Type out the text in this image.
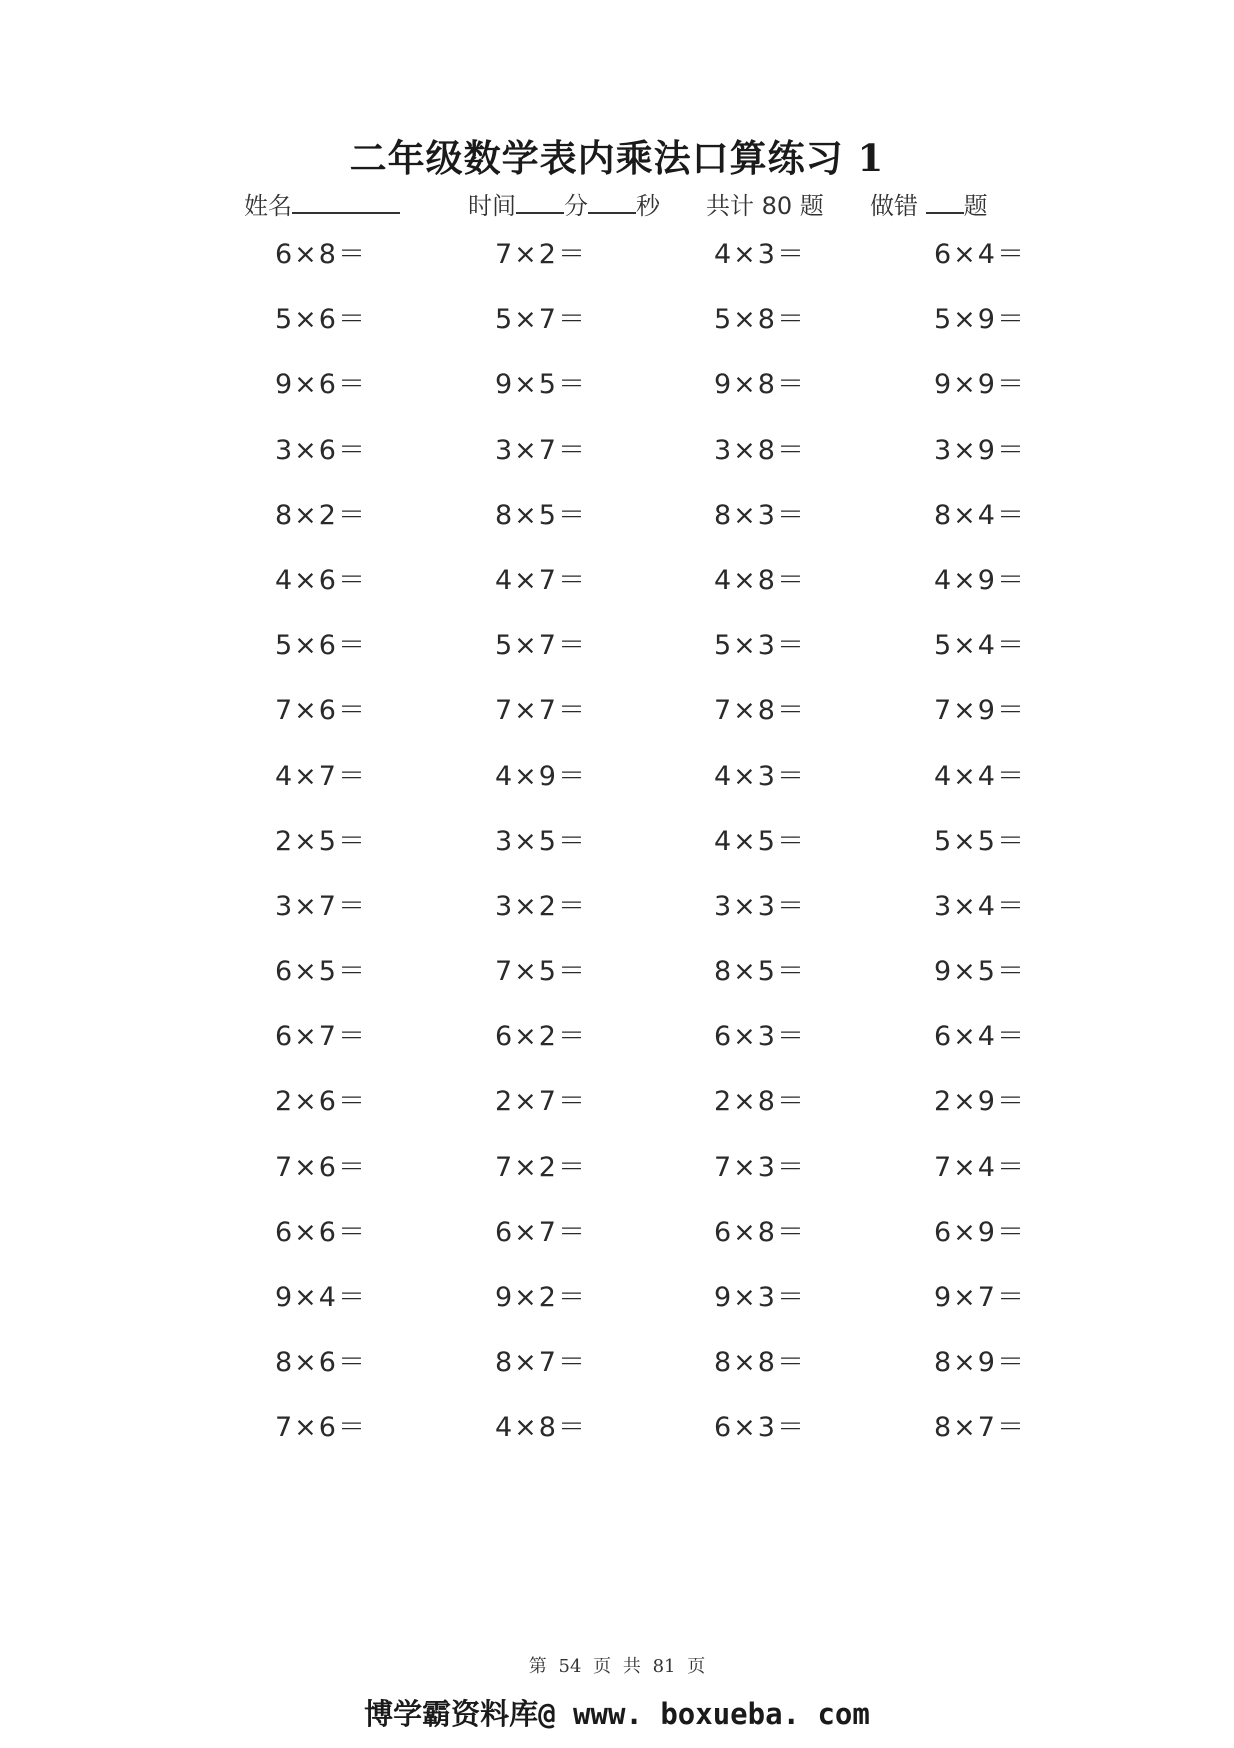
二年级数学表内乘法口算练习 1
姓名	时间 分 秒 共计 80 题 做错 题
6×8＝	7×2＝	4×3＝	6×4＝
5×6＝	5×7＝	5×8＝	5×9＝
9×6＝	9×5＝	9×8＝	9×9＝
3×6＝	3×7＝	3×8＝	3×9＝
8×2＝	8×5＝	8×3＝	8×4＝
4×6＝	4×7＝	4×8＝	4×9＝
5×6＝	5×7＝	5×3＝	5×4＝
7×6＝	7×7＝	7×8＝	7×9＝
4×7＝	4×9＝	4×3＝	4×4＝
2×5＝	3×5＝	4×5＝	5×5＝
3×7＝	3×2＝	3×3＝	3×4＝
6×5＝	7×5＝	8×5＝	9×5＝
6×7＝	6×2＝	6×3＝	6×4＝
2×6＝	2×7＝	2×8＝	2×9＝
7×6＝	7×2＝	7×3＝	7×4＝
6×6＝	6×7＝	6×8＝	6×9＝
9×4＝	9×2＝	9×3＝	9×7＝
8×6＝	8×7＝	8×8＝	8×9＝
7×6＝	4×8＝	6×3＝	8×7＝
第 54 页 共 81 页
博学霸资料库@ www. boxueba. com
